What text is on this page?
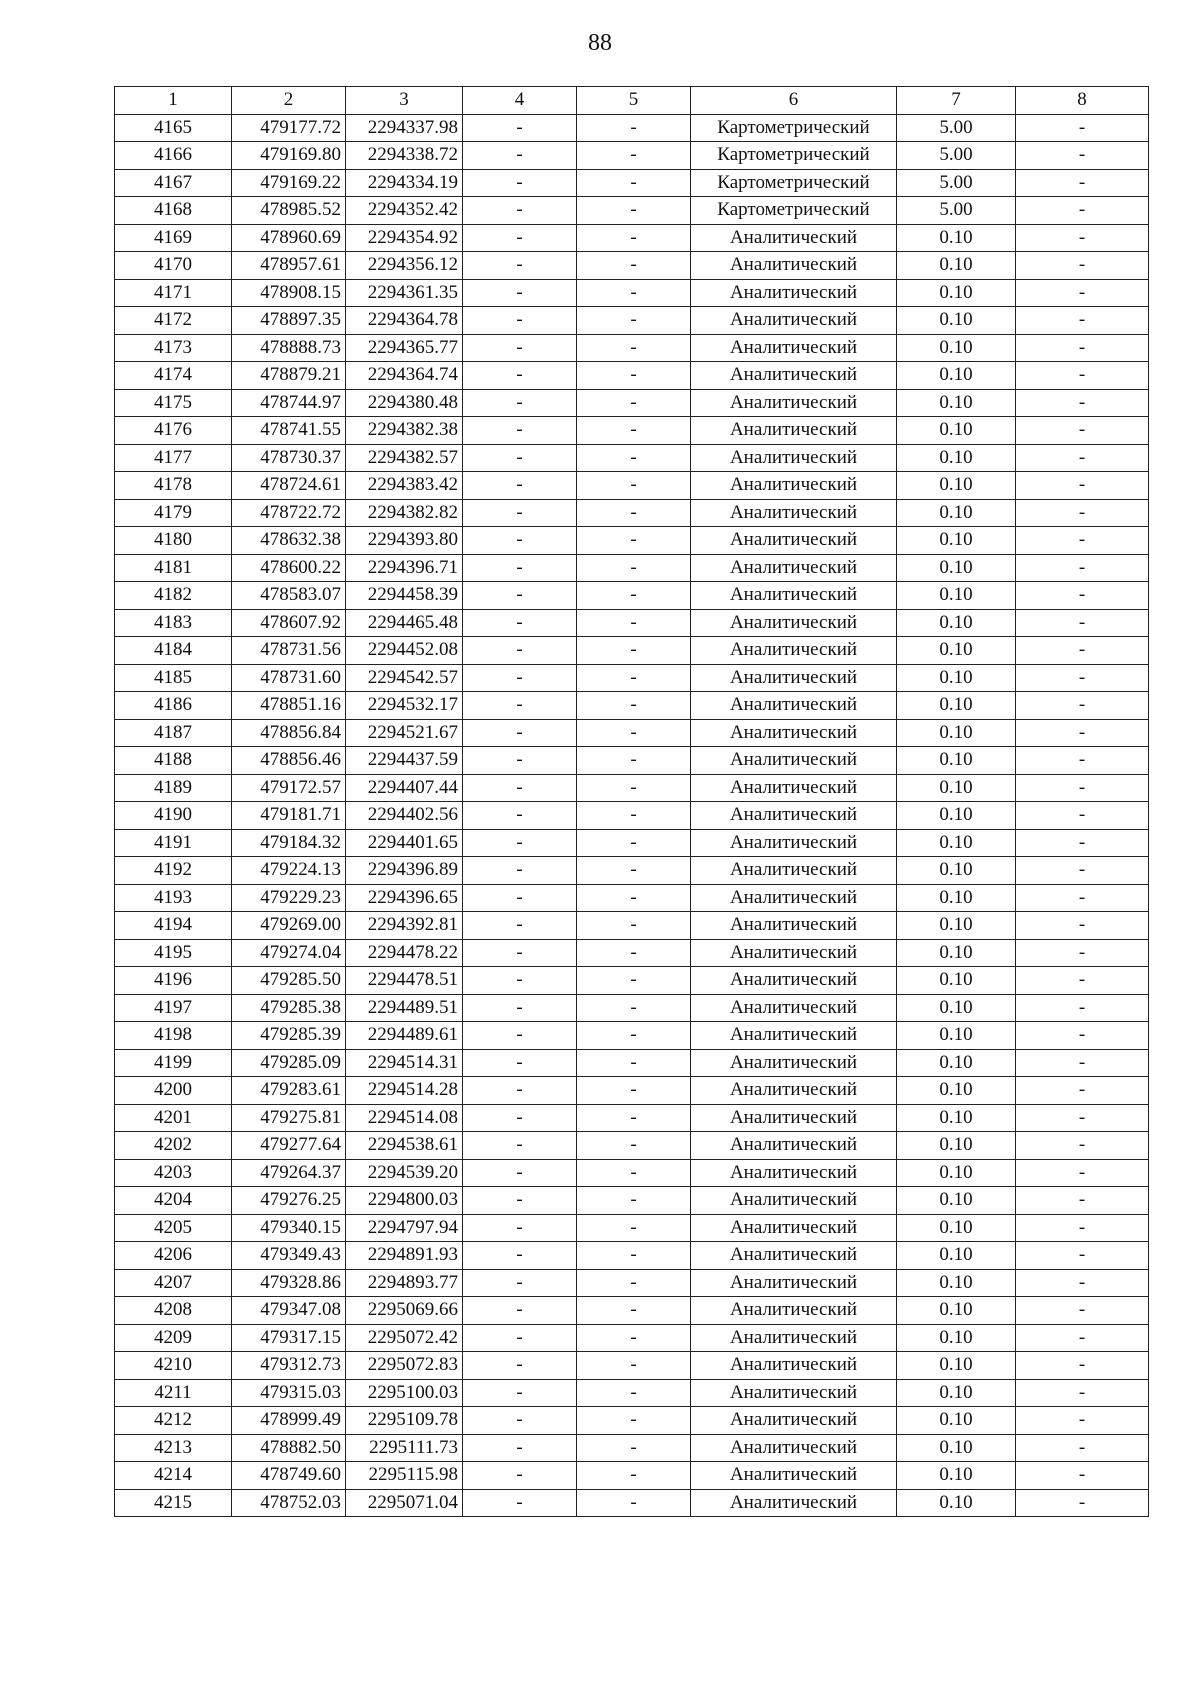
88
1	2	3	4	5	6	7	8
4165	479177.72	2294337.98	-	-	Картометрический	5.00	-
4166	479169.80	2294338.72	-	-	Картометрический	5.00	-
4167	479169.22	2294334.19	-	-	Картометрический	5.00	-
4168	478985.52	2294352.42	-	-	Картометрический	5.00	-
4169	478960.69	2294354.92	-	-	Аналитический	0.10	-
4170	478957.61	2294356.12	-	-	Аналитический	0.10	-
4171	478908.15	2294361.35	-	-	Аналитический	0.10	-
4172	478897.35	2294364.78	-	-	Аналитический	0.10	-
4173	478888.73	2294365.77	-	-	Аналитический	0.10	-
4174	478879.21	2294364.74	-	-	Аналитический	0.10	-
4175	478744.97	2294380.48	-	-	Аналитический	0.10	-
4176	478741.55	2294382.38	-	-	Аналитический	0.10	-
4177	478730.37	2294382.57	-	-	Аналитический	0.10	-
4178	478724.61	2294383.42	-	-	Аналитический	0.10	-
4179	478722.72	2294382.82	-	-	Аналитический	0.10	-
4180	478632.38	2294393.80	-	-	Аналитический	0.10	-
4181	478600.22	2294396.71	-	-	Аналитический	0.10	-
4182	478583.07	2294458.39	-	-	Аналитический	0.10	-
4183	478607.92	2294465.48	-	-	Аналитический	0.10	-
4184	478731.56	2294452.08	-	-	Аналитический	0.10	-
4185	478731.60	2294542.57	-	-	Аналитический	0.10	-
4186	478851.16	2294532.17	-	-	Аналитический	0.10	-
4187	478856.84	2294521.67	-	-	Аналитический	0.10	-
4188	478856.46	2294437.59	-	-	Аналитический	0.10	-
4189	479172.57	2294407.44	-	-	Аналитический	0.10	-
4190	479181.71	2294402.56	-	-	Аналитический	0.10	-
4191	479184.32	2294401.65	-	-	Аналитический	0.10	-
4192	479224.13	2294396.89	-	-	Аналитический	0.10	-
4193	479229.23	2294396.65	-	-	Аналитический	0.10	-
4194	479269.00	2294392.81	-	-	Аналитический	0.10	-
4195	479274.04	2294478.22	-	-	Аналитический	0.10	-
4196	479285.50	2294478.51	-	-	Аналитический	0.10	-
4197	479285.38	2294489.51	-	-	Аналитический	0.10	-
4198	479285.39	2294489.61	-	-	Аналитический	0.10	-
4199	479285.09	2294514.31	-	-	Аналитический	0.10	-
4200	479283.61	2294514.28	-	-	Аналитический	0.10	-
4201	479275.81	2294514.08	-	-	Аналитический	0.10	-
4202	479277.64	2294538.61	-	-	Аналитический	0.10	-
4203	479264.37	2294539.20	-	-	Аналитический	0.10	-
4204	479276.25	2294800.03	-	-	Аналитический	0.10	-
4205	479340.15	2294797.94	-	-	Аналитический	0.10	-
4206	479349.43	2294891.93	-	-	Аналитический	0.10	-
4207	479328.86	2294893.77	-	-	Аналитический	0.10	-
4208	479347.08	2295069.66	-	-	Аналитический	0.10	-
4209	479317.15	2295072.42	-	-	Аналитический	0.10	-
4210	479312.73	2295072.83	-	-	Аналитический	0.10	-
4211	479315.03	2295100.03	-	-	Аналитический	0.10	-
4212	478999.49	2295109.78	-	-	Аналитический	0.10	-
4213	478882.50	2295111.73	-	-	Аналитический	0.10	-
4214	478749.60	2295115.98	-	-	Аналитический	0.10	-
4215	478752.03	2295071.04	-	-	Аналитический	0.10	-
